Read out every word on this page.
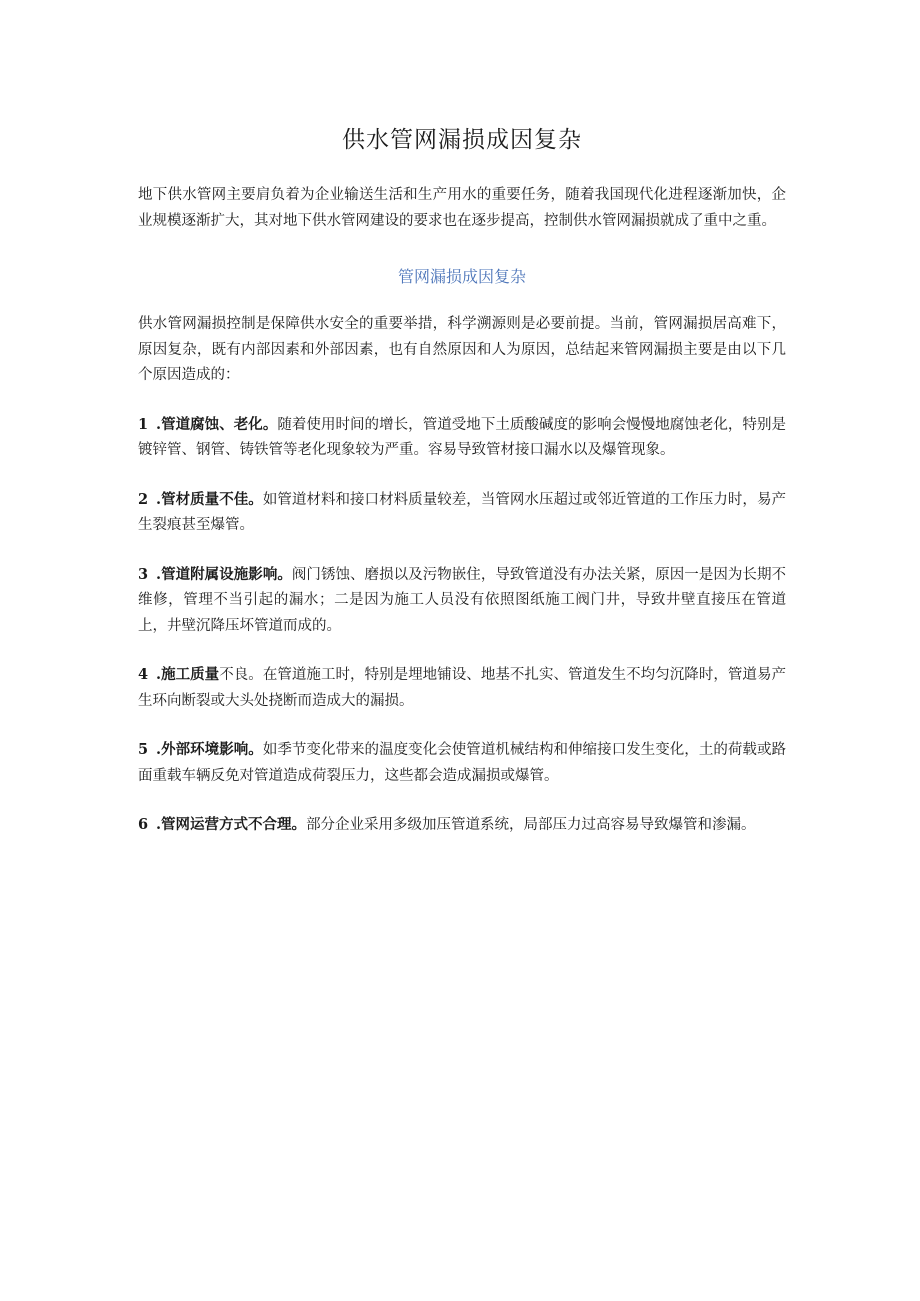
供水管网漏损成因复杂

地下供水管网主要肩负着为企业输送生活和生产用水的重要任务，随着我国现代化进程逐渐加快，企业规模逐渐扩大，其对地下供水管网建设的要求也在逐步提高，控制供水管网漏损就成了重中之重。

管网漏损成因复杂

供水管网漏损控制是保障供水安全的重要举措，科学溯源则是必要前提。当前，管网漏损居高难下，原因复杂，既有内部因素和外部因素，也有自然原因和人为原因，总结起来管网漏损主要是由以下几个原因造成的：

1 .管道腐蚀、老化。随着使用时间的增长，管道受地下土质酸碱度的影响会慢慢地腐蚀老化，特别是镀锌管、钢管、铸铁管等老化现象较为严重。容易导致管材接口漏水以及爆管现象。

2 .管材质量不佳。如管道材料和接口材料质量较差，当管网水压超过或邻近管道的工作压力时，易产生裂痕甚至爆管。

3 .管道附属设施影响。阀门锈蚀、磨损以及污物嵌住，导致管道没有办法关紧，原因一是因为长期不维修，管理不当引起的漏水；二是因为施工人员没有依照图纸施工阀门井，导致井壁直接压在管道上，井壁沉降压坏管道而成的。

4 .施工质量不良。在管道施工时，特别是埋地铺设、地基不扎实、管道发生不均匀沉降时，管道易产生环向断裂或大头处挠断而造成大的漏损。

5 .外部环境影响。如季节变化带来的温度变化会使管道机械结构和伸缩接口发生变化，土的荷载或路面重载车辆反免对管道造成荷裂压力，这些都会造成漏损或爆管。

6 .管网运营方式不合理。部分企业采用多级加压管道系统，局部压力过高容易导致爆管和渗漏。
